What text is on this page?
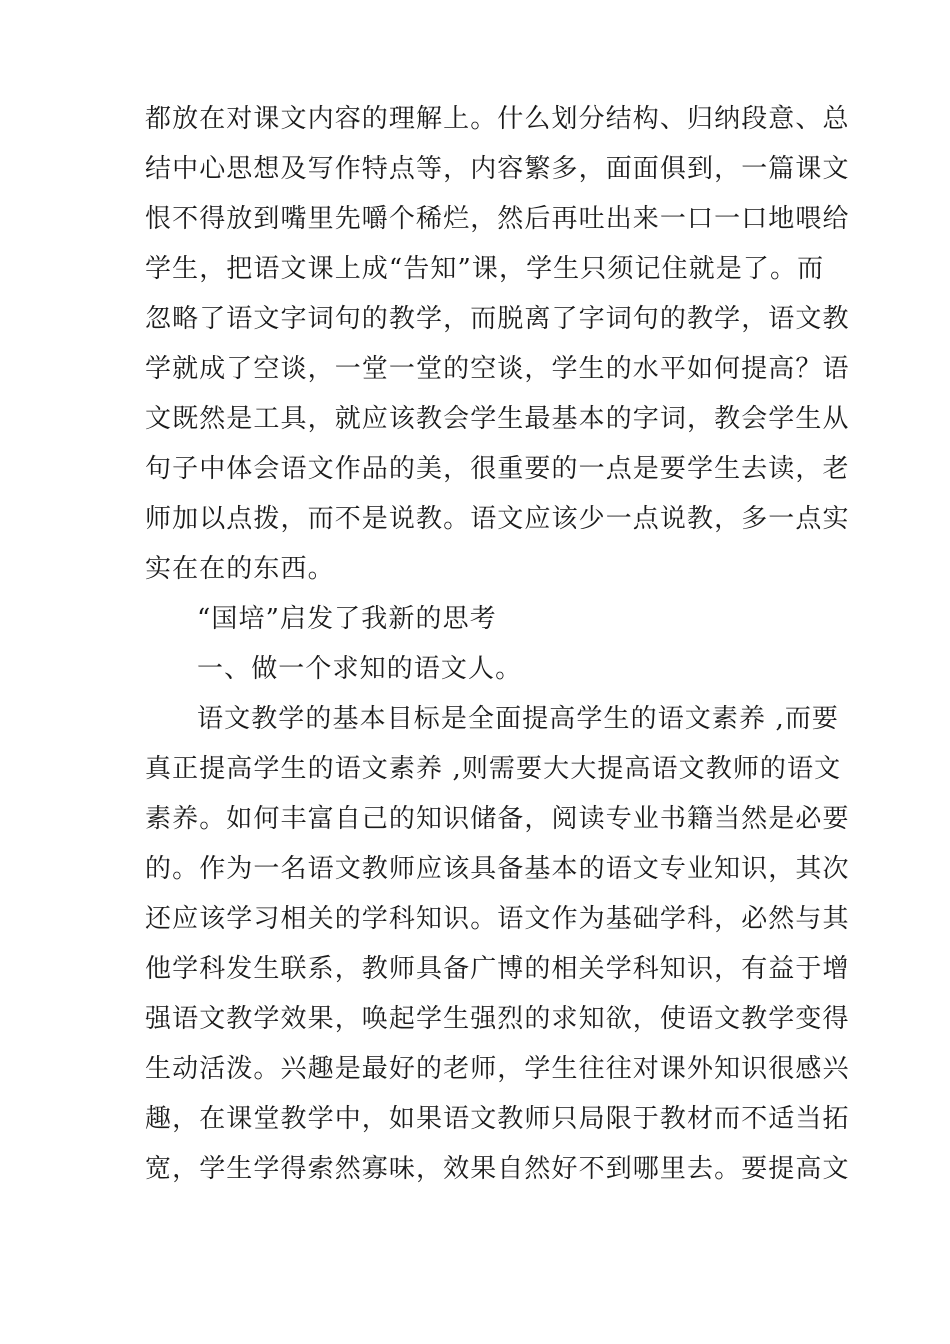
都放在对课文内容的理解上。什么划分结构、归纳段意、总
结中心思想及写作特点等，内容繁多，面面俱到，一篇课文
恨不得放到嘴里先嚼个稀烂，然后再吐出来一口一口地喂给
学生，把语文课上成“告知”课，学生只须记住就是了。而
忽略了语文字词句的教学，而脱离了字词句的教学，语文教
学就成了空谈，一堂一堂的空谈，学生的水平如何提高？语
文既然是工具，就应该教会学生最基本的字词，教会学生从
句子中体会语文作品的美，很重要的一点是要学生去读，老
师加以点拨，而不是说教。语文应该少一点说教，多一点实
实在在的东西。
“国培”启发了我新的思考
一、做一个求知的语文人。
语文教学的基本目标是全面提高学生的语文素养 ,而要
真正提高学生的语文素养 ,则需要大大提高语文教师的语文
素养。如何丰富自己的知识储备，阅读专业书籍当然是必要
的。作为一名语文教师应该具备基本的语文专业知识，其次
还应该学习相关的学科知识。语文作为基础学科，必然与其
他学科发生联系，教师具备广博的相关学科知识，有益于增
强语文教学效果，唤起学生强烈的求知欲，使语文教学变得
生动活泼。兴趣是最好的老师，学生往往对课外知识很感兴
趣，在课堂教学中，如果语文教师只局限于教材而不适当拓
宽，学生学得索然寡味，效果自然好不到哪里去。要提高文
